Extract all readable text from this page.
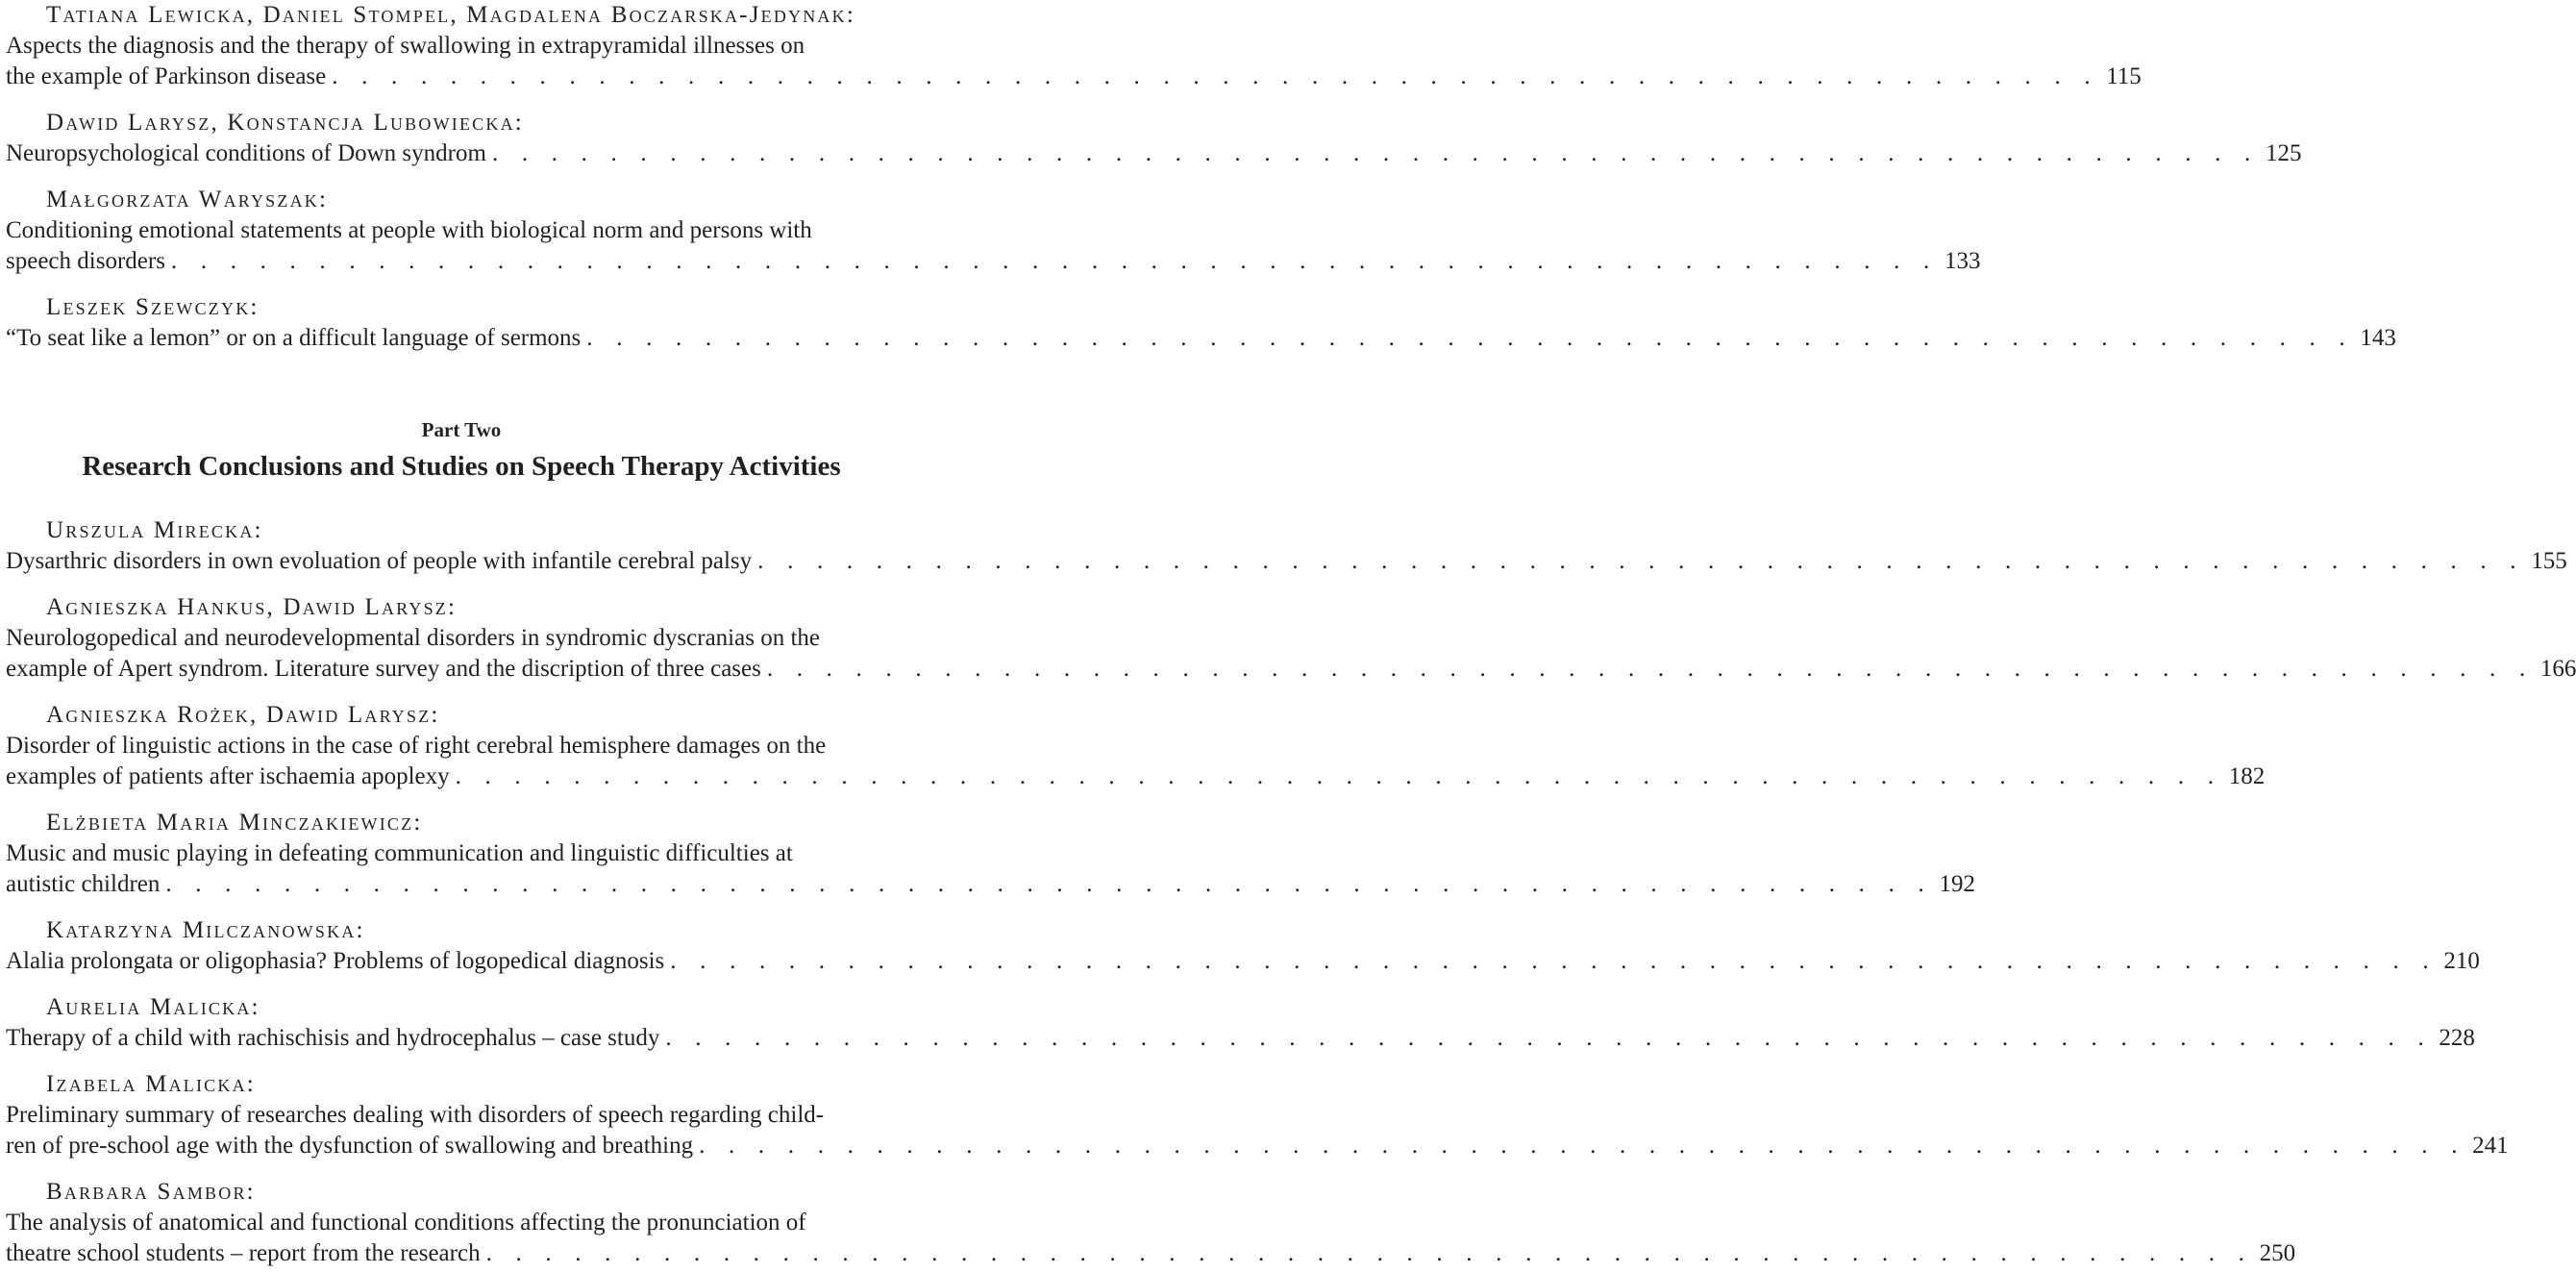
Tatiana Lewicka, Daniel Stompel, Magdalena Boczarska-Jedynak:
Aspects the diagnosis and the therapy of swallowing in extrapyramidal illnesses on
the example of Parkinson disease . . . . . . . . . . . . . . . . . . . . . . . . . . . . . . . . . . . . . . . . . . . . . . . . . . . . . . . . . . . . 115
Dawid Larysz, Konstancja Lubowiecka:
Neuropsychological conditions of Down syndrom . . . . . . . . . . . . . . . . . . . . . . . . . . . . . . . . . . . . . . . . . . . . . . . . . . . . . . . . . . . . 125
Małgorzata Waryszak:
Conditioning emotional statements at people with biological norm and persons with
speech disorders . . . . . . . . . . . . . . . . . . . . . . . . . . . . . . . . . . . . . . . . . . . . . . . . . . . . . . . . . . . . 133
Leszek Szewczyk:
“To seat like a lemon” or on a difficult language of sermons . . . . . . . . . . . . . . . . . . . . . . . . . . . . . . . . . . . . . . . . . . . . . . . . . . . . . . . . . . . . 143
Part Two
Research Conclusions and Studies on Speech Therapy Activities
Urszula Mirecka:
Dysarthric disorders in own evoluation of people with infantile cerebral palsy . . . . . . . . . . . . . . . . . . . . . . . . . . . . . . . . . . . . . . . . . . . . . . . . . . . . . . . . . . . . 155
Agnieszka Hankus, Dawid Larysz:
Neurologopedical and neurodevelopmental disorders in syndromic dyscranias on the
example of Apert syndrom. Literature survey and the discription of three cases . . . . . . . . . . . . . . . . . . . . . . . . . . . . . . . . . . . . . . . . . . . . . . . . . . . . . . . . . . . . 166
Agnieszka Rożek, Dawid Larysz:
Disorder of linguistic actions in the case of right cerebral hemisphere damages on the
examples of patients after ischaemia apoplexy . . . . . . . . . . . . . . . . . . . . . . . . . . . . . . . . . . . . . . . . . . . . . . . . . . . . . . . . . . . . 182
Elżbieta Maria Minczakiewicz:
Music and music playing in defeating communication and linguistic difficulties at
autistic children . . . . . . . . . . . . . . . . . . . . . . . . . . . . . . . . . . . . . . . . . . . . . . . . . . . . . . . . . . . . 192
Katarzyna Milczanowska:
Alalia prolongata or oligophasia? Problems of logopedical diagnosis . . . . . . . . . . . . . . . . . . . . . . . . . . . . . . . . . . . . . . . . . . . . . . . . . . . . . . . . . . . . 210
Aurelia Malicka:
Therapy of a child with rachischisis and hydrocephalus – case study . . . . . . . . . . . . . . . . . . . . . . . . . . . . . . . . . . . . . . . . . . . . . . . . . . . . . . . . . . . . 228
Izabela Malicka:
Preliminary summary of researches dealing with disorders of speech regarding child-
ren of pre-school age with the dysfunction of swallowing and breathing . . . . . . . . . . . . . . . . . . . . . . . . . . . . . . . . . . . . . . . . . . . . . . . . . . . . . . . . . . . . 241
Barbara Sambor:
The analysis of anatomical and functional conditions affecting the pronunciation of
theatre school students – report from the research . . . . . . . . . . . . . . . . . . . . . . . . . . . . . . . . . . . . . . . . . . . . . . . . . . . . . . . . . . . . 250
